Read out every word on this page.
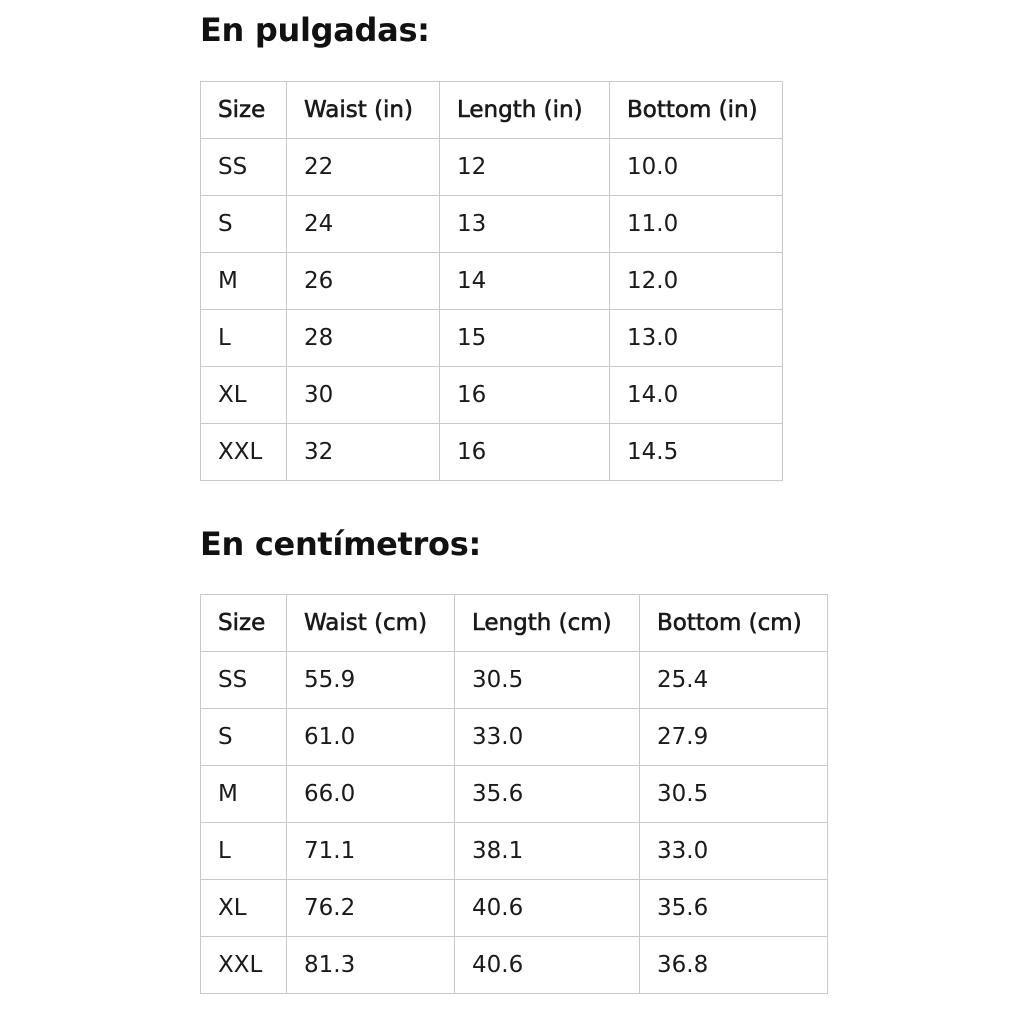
En pulgadas:
Size	Waist (in)	Length (in)	Bottom (in)
SS	22	12	10.0
S	24	13	11.0
M	26	14	12.0
L	28	15	13.0
XL	30	16	14.0
XXL	32	16	14.5
En centímetros:
Size	Waist (cm)	Length (cm)	Bottom (cm)
SS	55.9	30.5	25.4
S	61.0	33.0	27.9
M	66.0	35.6	30.5
L	71.1	38.1	33.0
XL	76.2	40.6	35.6
XXL	81.3	40.6	36.8
